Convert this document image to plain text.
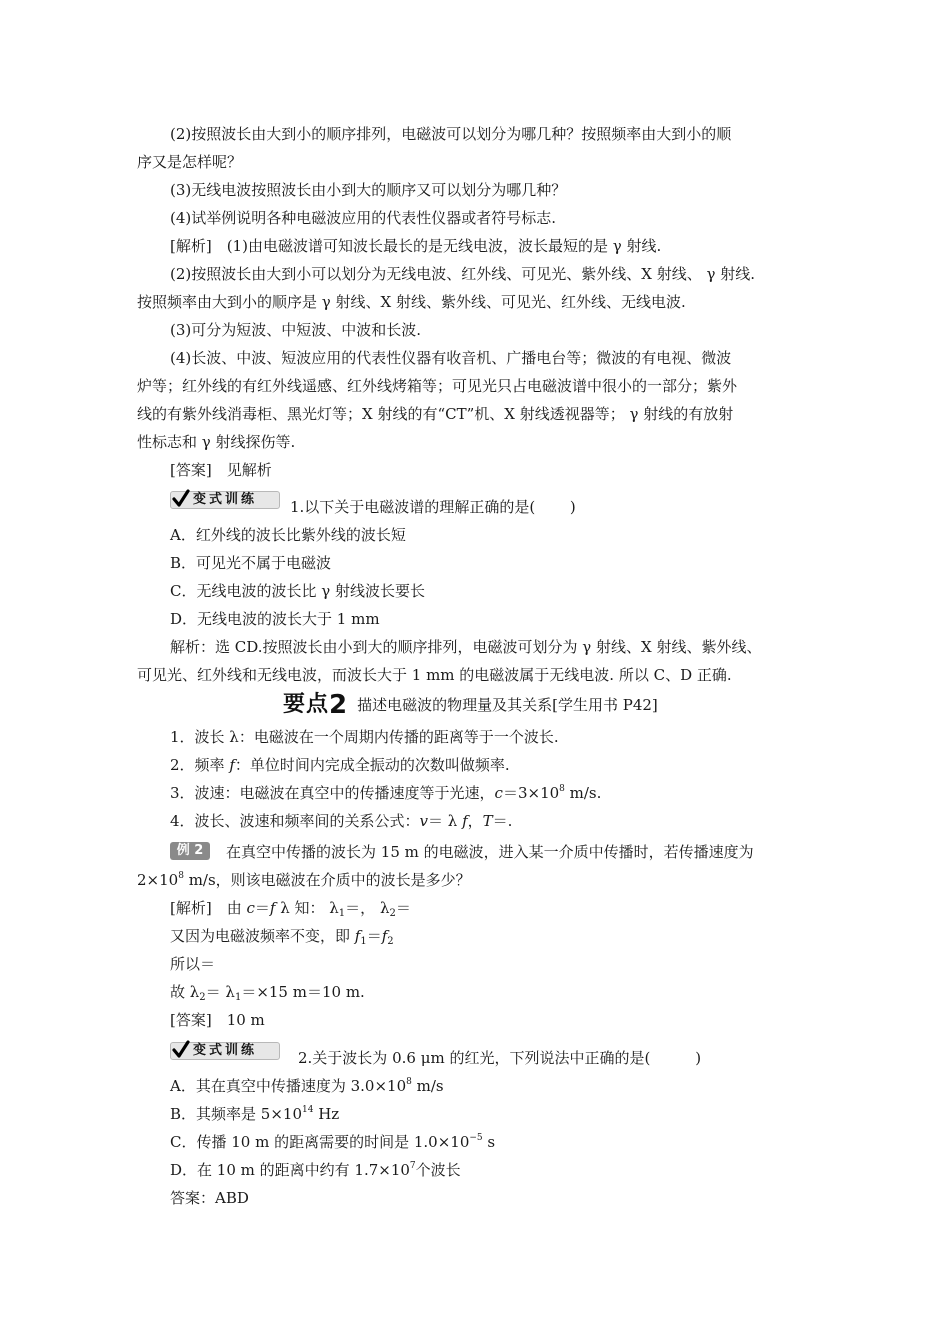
(2)按照波长由大到小的顺序排列，电磁波可以划分为哪几种？按照频率由大到小的顺
序又是怎样呢？
(3)无线电波按照波长由小到大的顺序又可以划分为哪几种？
(4)试举例说明各种电磁波应用的代表性仪器或者符号标志.
[解析]　(1)由电磁波谱可知波长最长的是无线电波，波长最短的是 γ 射线.
(2)按照波长由大到小可以划分为无线电波、红外线、可见光、紫外线、X 射线、 γ 射线.
按照频率由大到小的顺序是 γ 射线、X 射线、紫外线、可见光、红外线、无线电波.
(3)可分为短波、中短波、中波和长波.
(4)长波、中波、短波应用的代表性仪器有收音机、广播电台等；微波的有电视、微波
炉等；红外线的有红外线遥感、红外线烤箱等；可见光只占电磁波谱中很小的一部分；紫外
线的有紫外线消毒柜、黑光灯等；X 射线的有“CT”机、X 射线透视器等； γ 射线的有放射
性标志和 γ 射线探伤等.
[答案]　见解析
变式训练 1.以下关于电磁波谱的理解正确的是(　　 )
A．红外线的波长比紫外线的波长短
B．可见光不属于电磁波
C．无线电波的波长比 γ 射线波长要长
D．无线电波的波长大于 1 mm
解析：选 CD.按照波长由小到大的顺序排列，电磁波可划分为 γ 射线、X 射线、紫外线、
可见光、红外线和无线电波，而波长大于 1 mm 的电磁波属于无线电波. 所以 C、D 正确.
要点2 描述电磁波的物理量及其关系[学生用书 P42]
1．波长 λ：电磁波在一个周期内传播的距离等于一个波长.
2．频率 f：单位时间内完成全振动的次数叫做频率.
3．波速：电磁波在真空中的传播速度等于光速，$c=3\times 10^8$ m/s.
4．波长、波速和频率间的关系公式：v＝ λ f，T＝.
例 2	在真空中传播的波长为 15 m 的电磁波，进入某一介质中传播时，若传播速度为
$2\times 10^8$ m/s，则该电磁波在介质中的波长是多少？
[解析]　由 c＝f λ 知： $\lambda_1=$， $\lambda_2=$
又因为电磁波频率不变，即 $f_1=f_2$
所以＝
故 $\lambda_2= \lambda_1=\times 15$ m＝10 m.
[答案]　10 m
变式训练	2.关于波长为 0.6 μm 的红光，下列说法中正确的是(　　　)
A．其在真空中传播速度为 $3.0\times 10^8$ m/s
B．其频率是 $5\times 10^{14}$ Hz
C．传播 10 m 的距离需要的时间是 $1.0\times 10^{-5}$ s
D．在 10 m 的距离中约有 $1.7\times 10^7$个波长
答案：ABD
